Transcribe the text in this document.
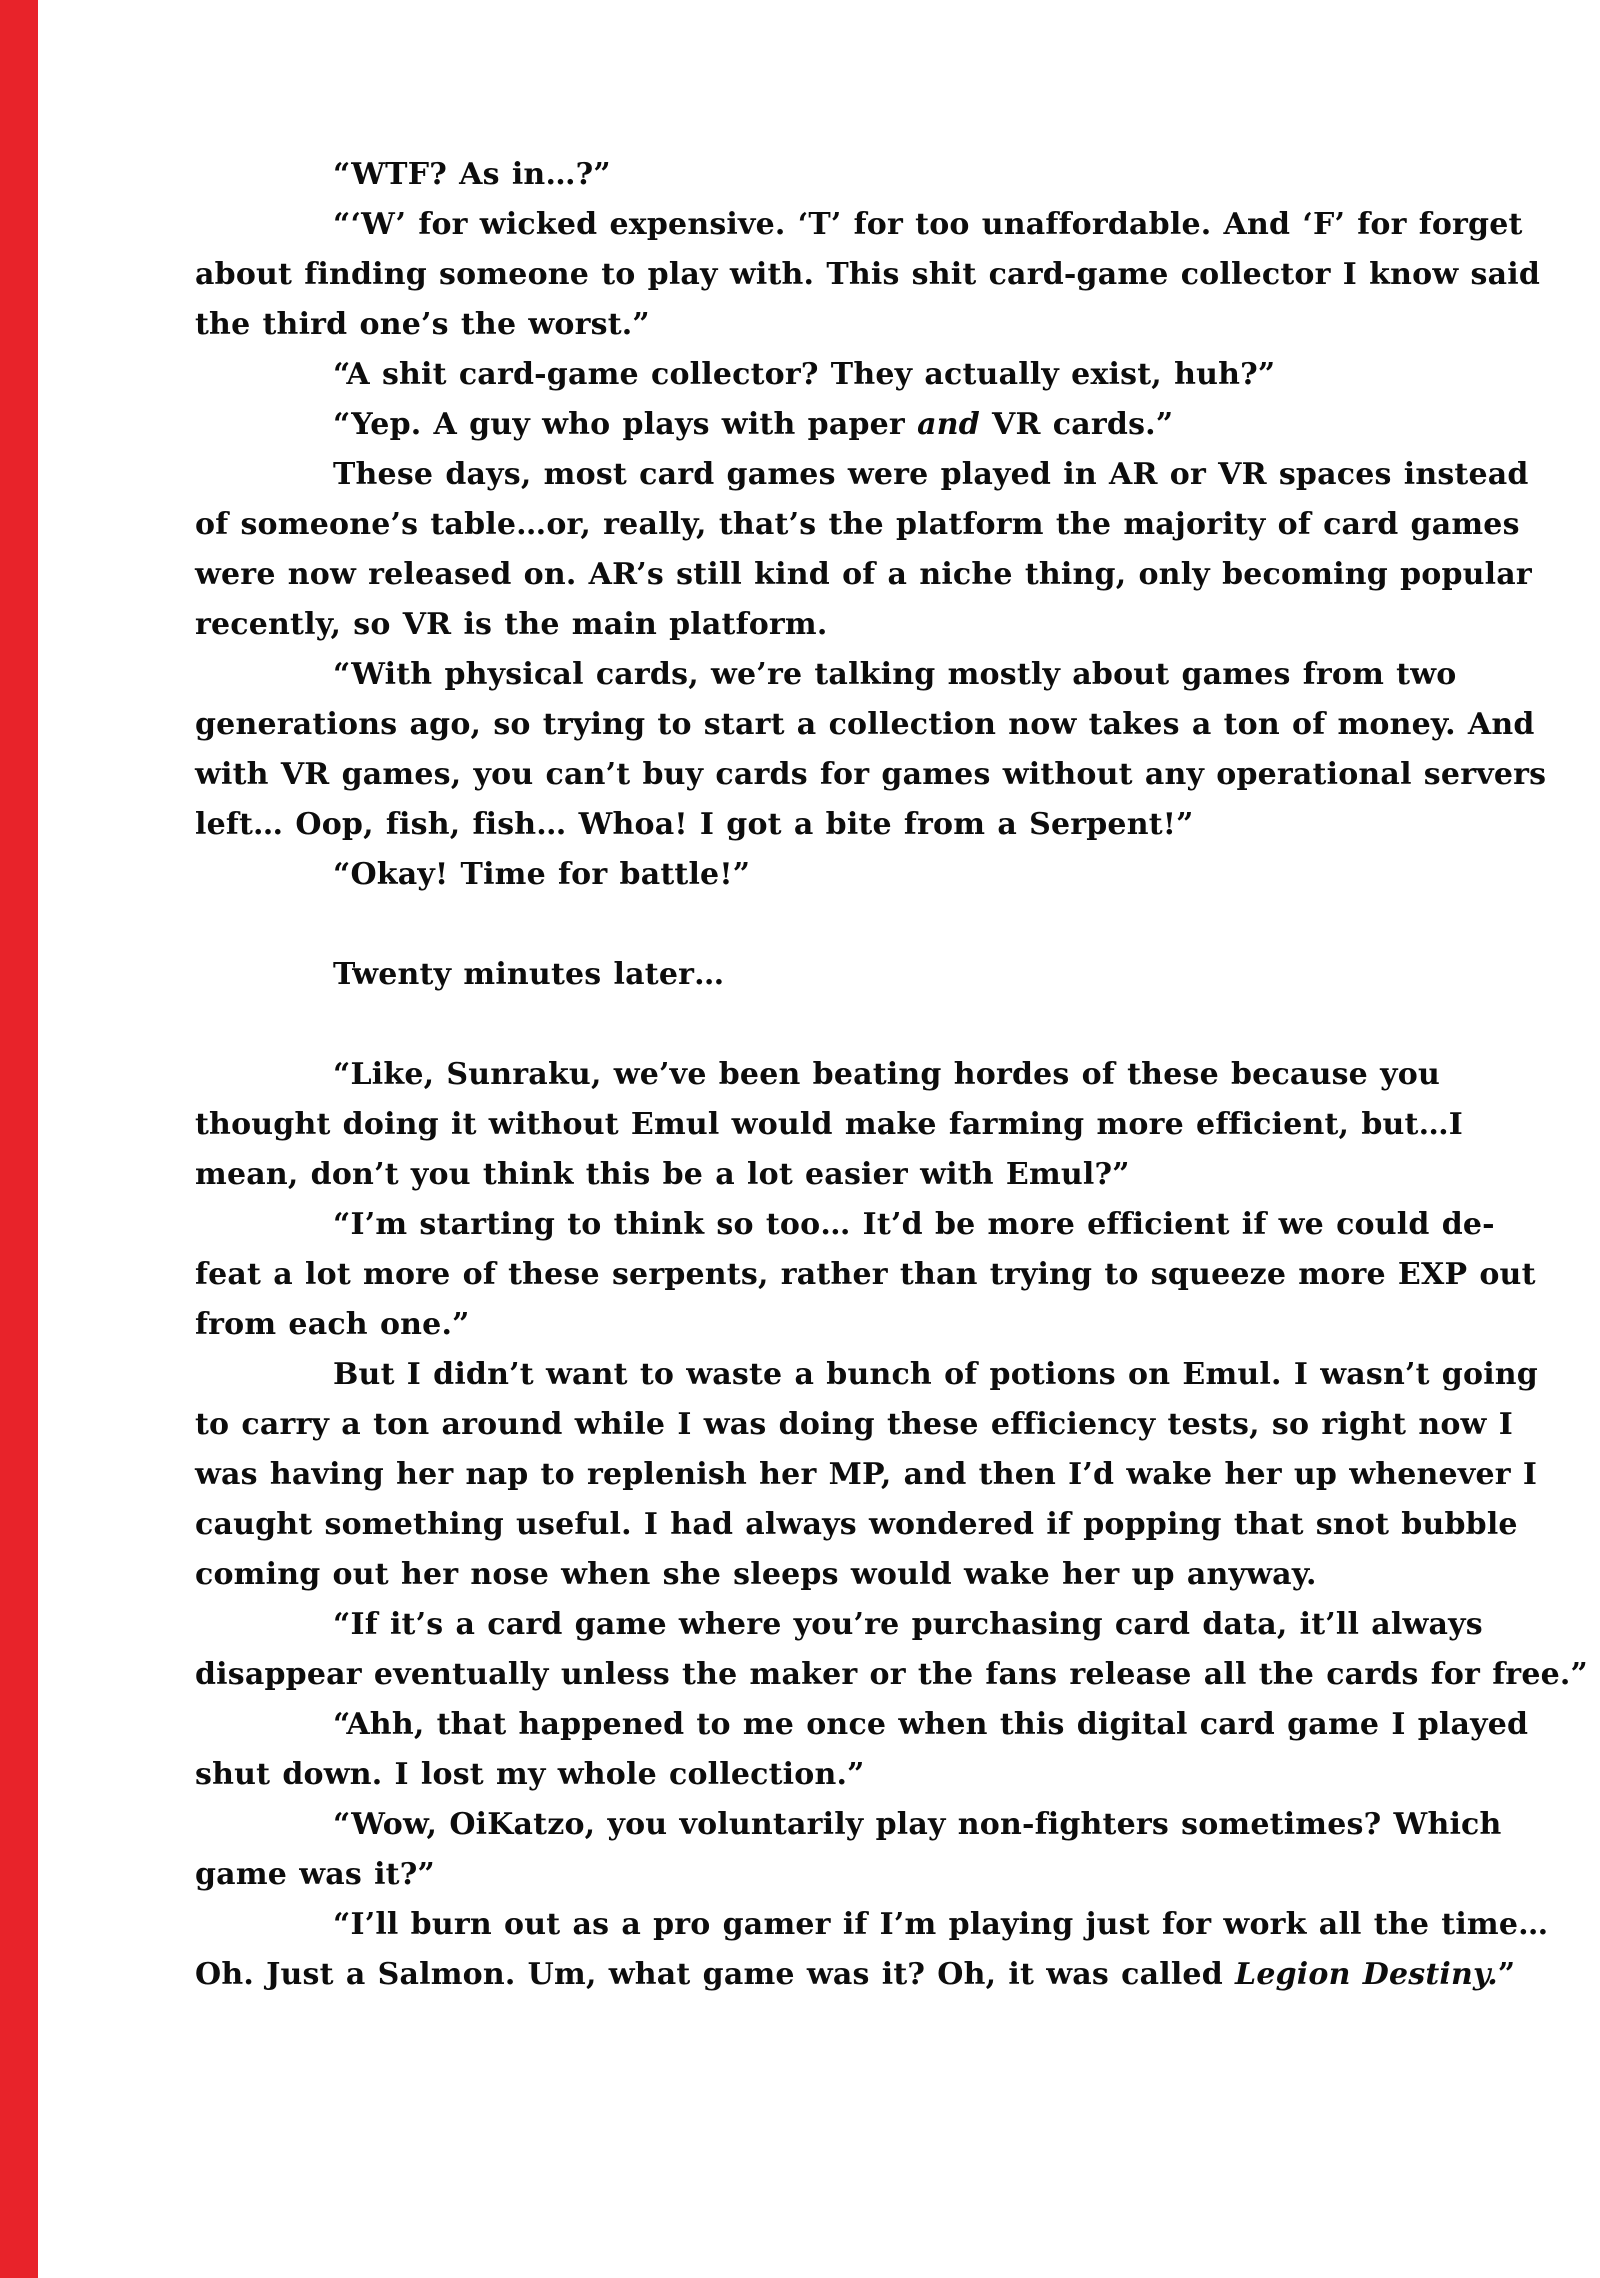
“WTF? As in…?”
“‘W’ for wicked expensive. ‘T’ for too unaffordable. And ‘F’ for forget
about finding someone to play with. This shit card-game collector I know said
the third one’s the worst.”
“A shit card-game collector? They actually exist, huh?”
“Yep. A guy who plays with paper and VR cards.”
These days, most card games were played in AR or VR spaces instead
of someone’s table…or, really, that’s the platform the majority of card games
were now released on. AR’s still kind of a niche thing, only becoming popular
recently, so VR is the main platform.
“With physical cards, we’re talking mostly about games from two
generations ago, so trying to start a collection now takes a ton of money. And
with VR games, you can’t buy cards for games without any operational servers
left… Oop, fish, fish… Whoa! I got a bite from a Serpent!”
“Okay! Time for battle!”

Twenty minutes later…

“Like, Sunraku, we’ve been beating hordes of these because you
thought doing it without Emul would make farming more efficient, but…I
mean, don’t you think this be a lot easier with Emul?”
“I’m starting to think so too… It’d be more efficient if we could de-
feat a lot more of these serpents, rather than trying to squeeze more EXP out
from each one.”
But I didn’t want to waste a bunch of potions on Emul. I wasn’t going
to carry a ton around while I was doing these efficiency tests, so right now I
was having her nap to replenish her MP, and then I’d wake her up whenever I
caught something useful. I had always wondered if popping that snot bubble
coming out her nose when she sleeps would wake her up anyway.
“If it’s a card game where you’re purchasing card data, it’ll always
disappear eventually unless the maker or the fans release all the cards for free.”
“Ahh, that happened to me once when this digital card game I played
shut down. I lost my whole collection.”
“Wow, OiKatzo, you voluntarily play non-fighters sometimes? Which
game was it?”
“I’ll burn out as a pro gamer if I’m playing just for work all the time…
Oh. Just a Salmon. Um, what game was it? Oh, it was called Legion Destiny.”
